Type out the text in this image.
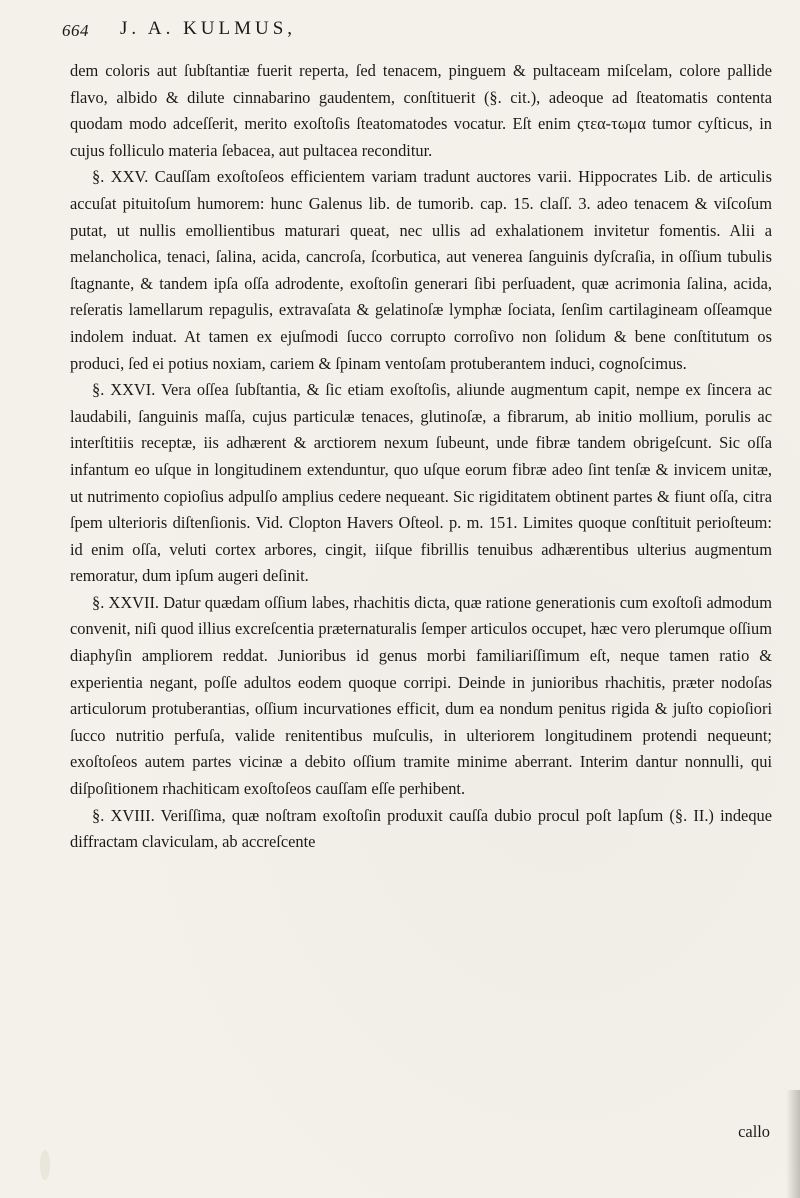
664 J. A. KULMUS,

dem coloris aut ſubſtantiæ fuerit reperta, ſed tenacem, pinguem & pultaceam miſcelam, colore pallide flavo, albido & dilute cinnabarino gaudentem, conſtituerit (§. cit.), adeoque ad ſteatomatis contenta quodam modo adceſſerit, merito exoſtoſis ſteatomatodes vocatur. Eſt enim ςτεα-τωμα tumor cyſticus, in cujus folliculo materia ſebacea, aut pultacea reconditur.

§. XXV. Cauſſam exoſtoſeos efficientem variam tradunt auctores varii. Hippocrates Lib. de articulis accuſat pituitoſum humorem: hunc Galenus lib. de tumorib. cap. 15. claſſ. 3. adeo tenacem & viſcoſum putat, ut nullis emollientibus maturari queat, nec ullis ad exhalationem invitetur fomentis. Alii a melancholica, tenaci, ſalina, acida, cancroſa, ſcorbutica, aut venerea ſanguinis dyſcraſia, in oſſium tubulis ſtagnante, & tandem ipſa oſſa adrodente, exoſtoſin generari ſibi perſuadent, quæ acrimonia ſalina, acida, reſeratis lamellarum repagulis, extravaſata & gelatinoſæ lymphæ ſociata, ſenſim cartilagineam oſſeamque indolem induat. At tamen ex ejuſmodi ſucco corrupto corroſivo non ſolidum & bene conſtitutum os produci, ſed ei potius noxiam, cariem & ſpinam ventoſam protuberantem induci, cognoſcimus.

§. XXVI. Vera oſſea ſubſtantia, & ſic etiam exoſtoſis, aliunde augmentum capit, nempe ex ſincera ac laudabili, ſanguinis maſſa, cujus particulæ tenaces, glutinoſæ, a fibrarum, ab initio mollium, porulis ac interſtitiis receptæ, iis adhærent & arctiorem nexum ſubeunt, unde fibræ tandem obrigeſcunt. Sic oſſa infantum eo uſque in longitudinem extenduntur, quo uſque eorum fibræ adeo ſint tenſæ & invicem unitæ, ut nutrimento copioſius adpulſo amplius cedere nequeant. Sic rigiditatem obtinent partes & fiunt oſſa, citra ſpem ulterioris diſtenſionis. Vid. Clopton Havers Oſteol. p. m. 151. Limites quoque conſtituit perioſteum: id enim oſſa, veluti cortex arbores, cingit, iiſque fibrillis tenuibus adhærentibus ulterius augmentum remoratur, dum ipſum augeri deſinit.

§. XXVII. Datur quædam oſſium labes, rhachitis dicta, quæ ratione generationis cum exoſtoſi admodum convenit, niſi quod illius excreſcentia præternaturalis ſemper articulos occupet, hæc vero plerumque oſſium diaphyſin ampliorem reddat. Junioribus id genus morbi familiariſſimum eſt, neque tamen ratio & experientia negant, poſſe adultos eodem quoque corripi. Deinde in junioribus rhachitis, præter nodoſas articulorum protuberantias, oſſium incurvationes efficit, dum ea nondum penitus rigida & juſto copioſiori ſucco nutritio perfuſa, valide renitentibus muſculis, in ulteriorem longitudinem protendi nequeunt; exoſtoſeos autem partes vicinæ a debito oſſium tramite minime aberrant. Interim dantur nonnulli, qui diſpoſitionem rhachiticam exoſtoſeos cauſſam eſſe perhibent.

§. XVIII. Veriſſima, quæ noſtram exoſtoſin produxit cauſſa dubio procul poſt lapſum (§. II.) indeque diffractam claviculam, ab accreſcente

callo
